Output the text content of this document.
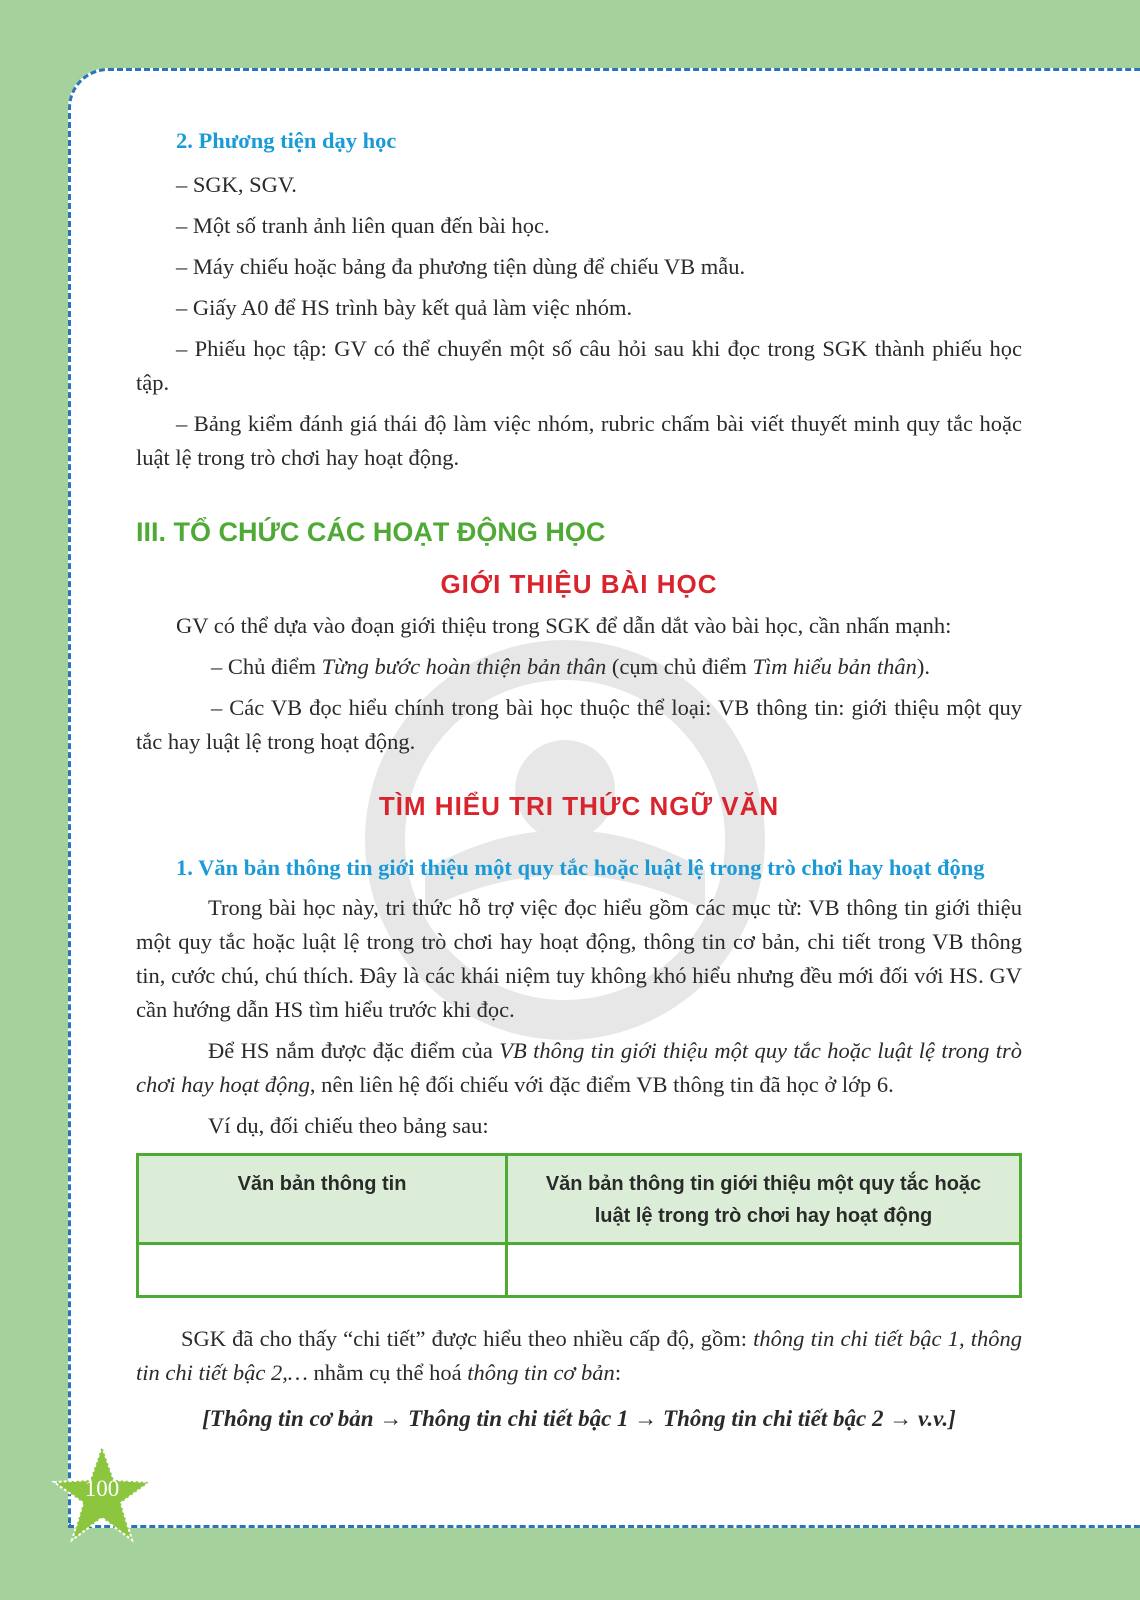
2. Phương tiện dạy học

– SGK, SGV.

– Một số tranh ảnh liên quan đến bài học.

– Máy chiếu hoặc bảng đa phương tiện dùng để chiếu VB mẫu.

– Giấy A0 để HS trình bày kết quả làm việc nhóm.

– Phiếu học tập: GV có thể chuyển một số câu hỏi sau khi đọc trong SGK thành phiếu học tập.

– Bảng kiểm đánh giá thái độ làm việc nhóm, rubric chấm bài viết thuyết minh quy tắc hoặc luật lệ trong trò chơi hay hoạt động.

III. TỔ CHỨC CÁC HOẠT ĐỘNG HỌC
GIỚI THIỆU BÀI HỌC

GV có thể dựa vào đoạn giới thiệu trong SGK để dẫn dắt vào bài học, cần nhấn mạnh:

– Chủ điểm Từng bước hoàn thiện bản thân (cụm chủ điểm Tìm hiểu bản thân).

– Các VB đọc hiểu chính trong bài học thuộc thể loại: VB thông tin: giới thiệu một quy tắc hay luật lệ trong hoạt động.

TÌM HIỂU TRI THỨC NGỮ VĂN
1. Văn bản thông tin giới thiệu một quy tắc hoặc luật lệ trong trò chơi hay hoạt động

Trong bài học này, tri thức hỗ trợ việc đọc hiểu gồm các mục từ: VB thông tin giới thiệu một quy tắc hoặc luật lệ trong trò chơi hay hoạt động, thông tin cơ bản, chi tiết trong VB thông tin, cước chú, chú thích. Đây là các khái niệm tuy không khó hiểu nhưng đều mới đối với HS. GV cần hướng dẫn HS tìm hiểu trước khi đọc.

Để HS nắm được đặc điểm của VB thông tin giới thiệu một quy tắc hoặc luật lệ trong trò chơi hay hoạt động, nên liên hệ đối chiếu với đặc điểm VB thông tin đã học ở lớp 6.

Ví dụ, đối chiếu theo bảng sau:

Văn bản thông tin	Văn bản thông tin giới thiệu một quy tắc hoặc luật lệ trong trò chơi hay hoạt động

SGK đã cho thấy “chi tiết” được hiểu theo nhiều cấp độ, gồm: thông tin chi tiết bậc 1, thông tin chi tiết bậc 2,… nhằm cụ thể hoá thông tin cơ bản:

[Thông tin cơ bản → Thông tin chi tiết bậc 1 → Thông tin chi tiết bậc 2 → v.v.]

100
